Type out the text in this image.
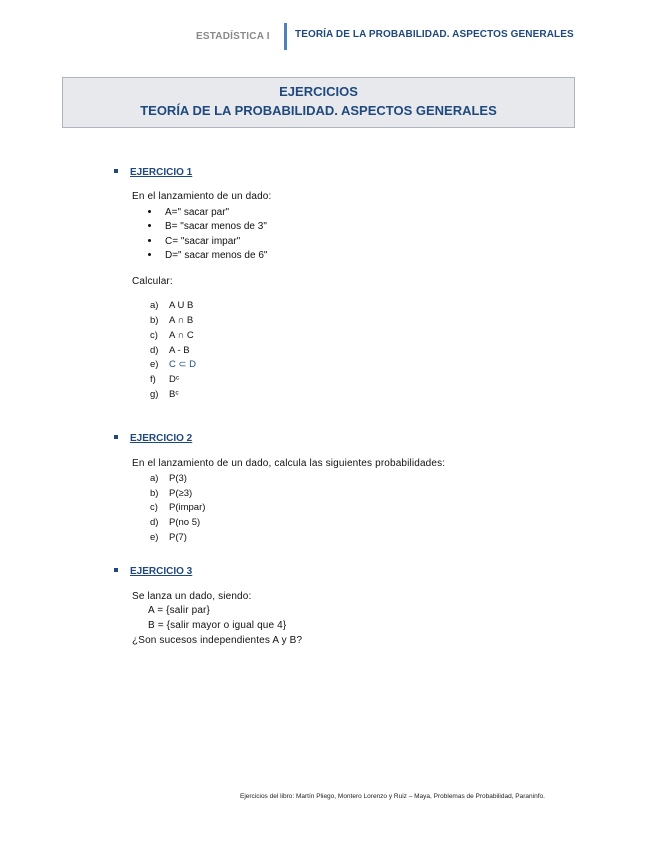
ESTADÍSTICA I	TEORÍA DE LA PROBABILIDAD. ASPECTOS GENERALES
EJERCICIOS
TEORÍA DE LA PROBABILIDAD. ASPECTOS GENERALES
EJERCICIO 1
En el lanzamiento de un dado:
A=" sacar par"
B= "sacar menos de 3"
C= "sacar impar"
D=" sacar menos de 6"
Calcular:
a) A U B
b) A ∩ B
c) A ∩ C
d) A - B
e) C ⊂ D
f) Dᶜ
g) Bᶜ
EJERCICIO 2
En el lanzamiento de un dado, calcula las siguientes probabilidades:
a) P(3)
b) P(≥3)
c) P(impar)
d) P(no 5)
e) P(7)
EJERCICIO 3
Se lanza un dado, siendo:
A = {salir par}
B = {salir mayor o igual que 4}
¿Son sucesos independientes A y B?
Ejercicios del libro: Martín Pliego, Montero Lorenzo y Ruiz – Maya, Problemas de Probabilidad, Paraninfo.
